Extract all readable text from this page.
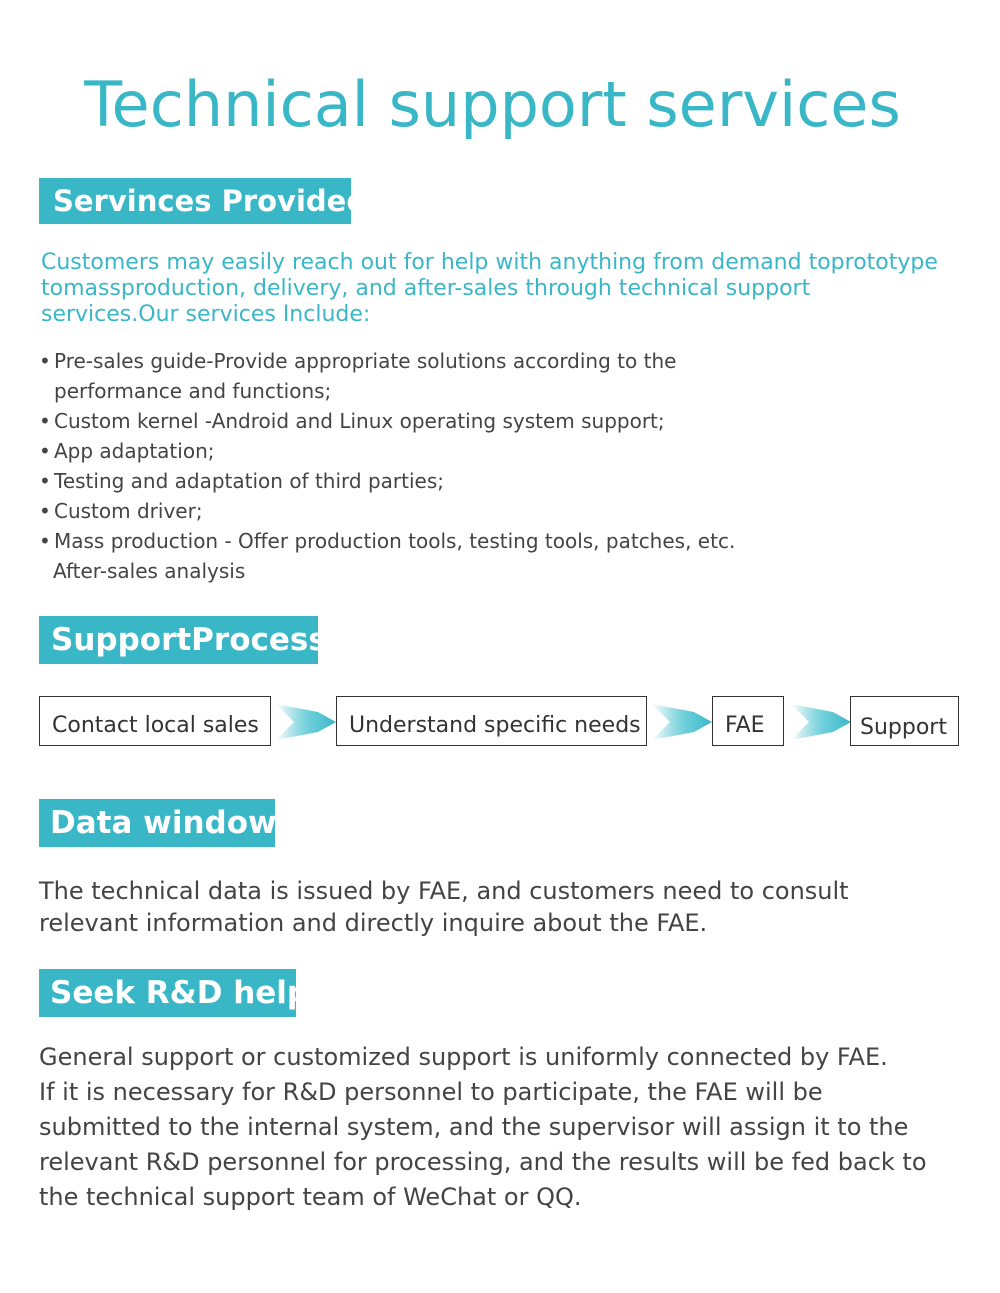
Technical support services
Servinces Provided

Customers may easily reach out for help with anything from demand toprototype tomassproduction, delivery, and after-sales through technical support services.Our services Include:

• Pre-sales guide-Provide appropriate solutions according to the
performance and functions;
• Custom kernel -Android and Linux operating system support;
• App adaptation;
• Testing and adaptation of third parties;
• Custom driver;
• Mass production - Offer production tools, testing tools, patches, etc.
After-sales analysis
SupportProcess
Contact local sales	Understand specific needs	FAE	Support
Data window

The technical data is issued by FAE, and customers need to consult relevant information and directly inquire about the FAE.

Seek R&D help

General support or customized support is uniformly connected by FAE.
If it is necessary for R&D personnel to participate, the FAE will be submitted to the internal system, and the supervisor will assign it to the relevant R&D personnel for processing, and the results will be fed back to the technical support team of WeChat or QQ.
